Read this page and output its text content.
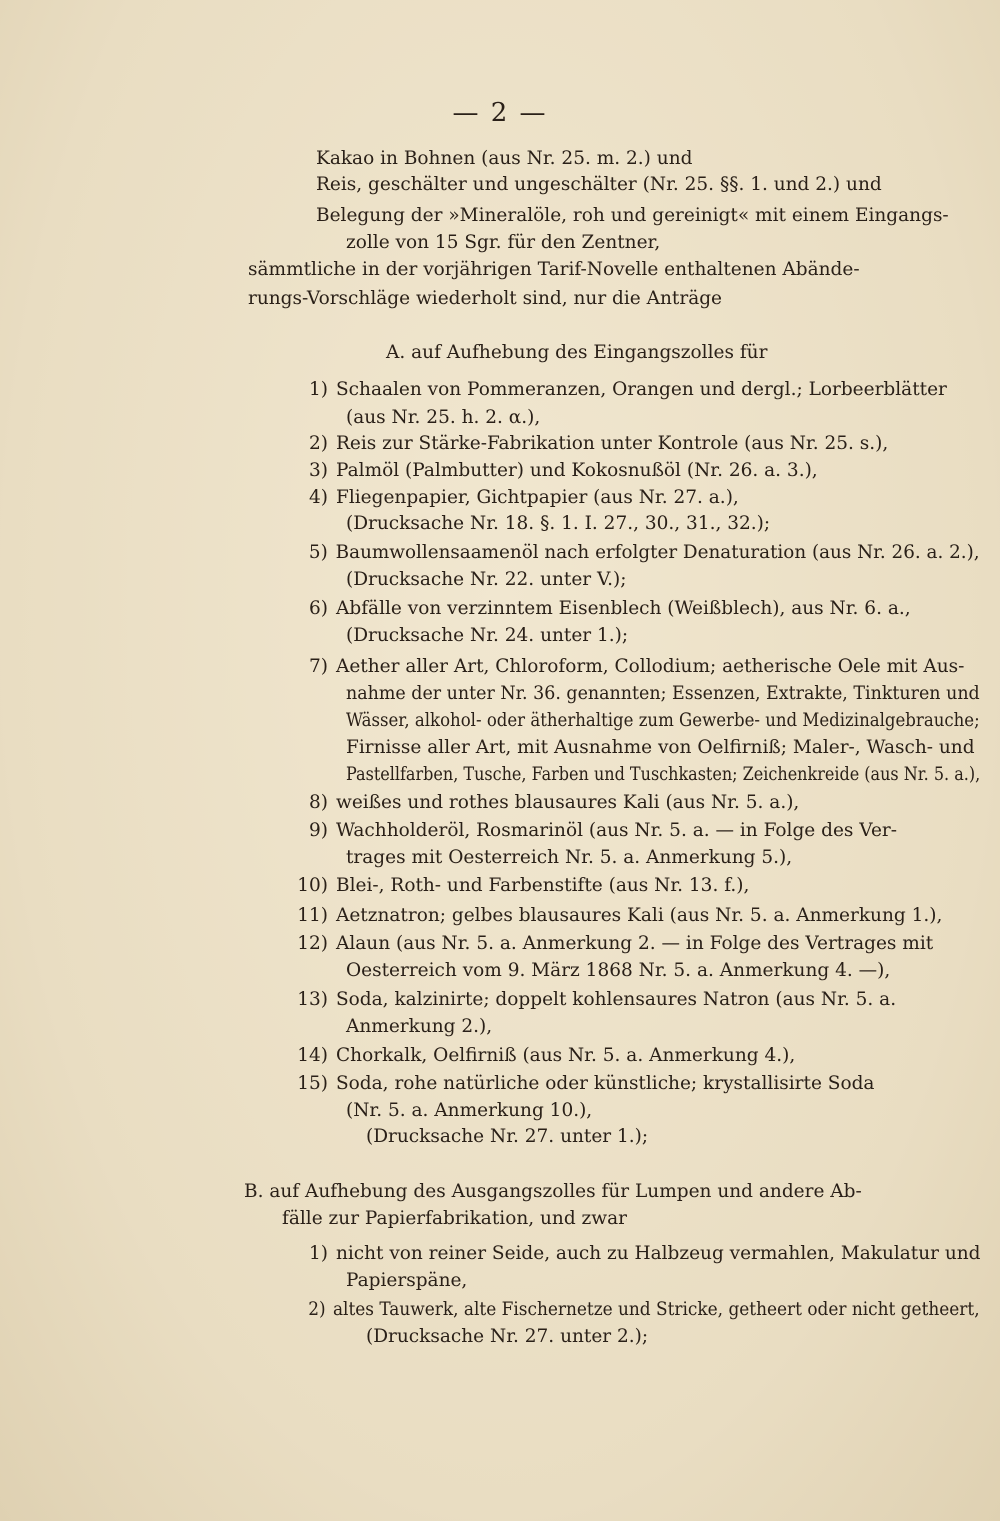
— 2 —
Kakao in Bohnen (aus Nr. 25. m. 2.) und
Reis, geschälter und ungeschälter (Nr. 25. §§. 1. und 2.) und
Belegung der »Mineralöle, roh und gereinigt« mit einem Eingangs-
zolle von 15 Sgr. für den Zentner,
sämmtliche in der vorjährigen Tarif-Novelle enthaltenen Abände-
rungs-Vorschläge wiederholt sind, nur die Anträge
A. auf Aufhebung des Eingangszolles für
1) Schaalen von Pommeranzen, Orangen und dergl.; Lorbeerblätter
(aus Nr. 25. h. 2. α.),
2) Reis zur Stärke-Fabrikation unter Kontrole (aus Nr. 25. s.),
3) Palmöl (Palmbutter) und Kokosnußöl (Nr. 26. a. 3.),
4) Fliegenpapier, Gichtpapier (aus Nr. 27. a.),
(Drucksache Nr. 18. §. 1. I. 27., 30., 31., 32.);
5) Baumwollensaamenöl nach erfolgter Denaturation (aus Nr. 26. a. 2.),
(Drucksache Nr. 22. unter V.);
6) Abfälle von verzinntem Eisenblech (Weißblech), aus Nr. 6. a.,
(Drucksache Nr. 24. unter 1.);
7) Aether aller Art, Chloroform, Collodium; aetherische Oele mit Aus-
nahme der unter Nr. 36. genannten; Essenzen, Extrakte, Tinkturen und
Wässer, alkohol- oder ätherhaltige zum Gewerbe- und Medizinalgebrauche;
Firnisse aller Art, mit Ausnahme von Oelfirniß; Maler-, Wasch- und
Pastellfarben, Tusche, Farben und Tuschkasten; Zeichenkreide (aus Nr. 5. a.),
8) weißes und rothes blausaures Kali (aus Nr. 5. a.),
9) Wachholderöl, Rosmarinöl (aus Nr. 5. a. — in Folge des Ver-
trages mit Oesterreich Nr. 5. a. Anmerkung 5.),
10) Blei-, Roth- und Farbenstifte (aus Nr. 13. f.),
11) Aetznatron; gelbes blausaures Kali (aus Nr. 5. a. Anmerkung 1.),
12) Alaun (aus Nr. 5. a. Anmerkung 2. — in Folge des Vertrages mit
Oesterreich vom 9. März 1868 Nr. 5. a. Anmerkung 4. —),
13) Soda, kalzinirte; doppelt kohlensaures Natron (aus Nr. 5. a.
Anmerkung 2.),
14) Chorkalk, Oelfirniß (aus Nr. 5. a. Anmerkung 4.),
15) Soda, rohe natürliche oder künstliche; krystallisirte Soda
(Nr. 5. a. Anmerkung 10.),
(Drucksache Nr. 27. unter 1.);
B. auf Aufhebung des Ausgangszolles für Lumpen und andere Ab-
fälle zur Papierfabrikation, und zwar
1) nicht von reiner Seide, auch zu Halbzeug vermahlen, Makulatur und
Papierspäne,
2) altes Tauwerk, alte Fischernetze und Stricke, getheert oder nicht getheert,
(Drucksache Nr. 27. unter 2.);
